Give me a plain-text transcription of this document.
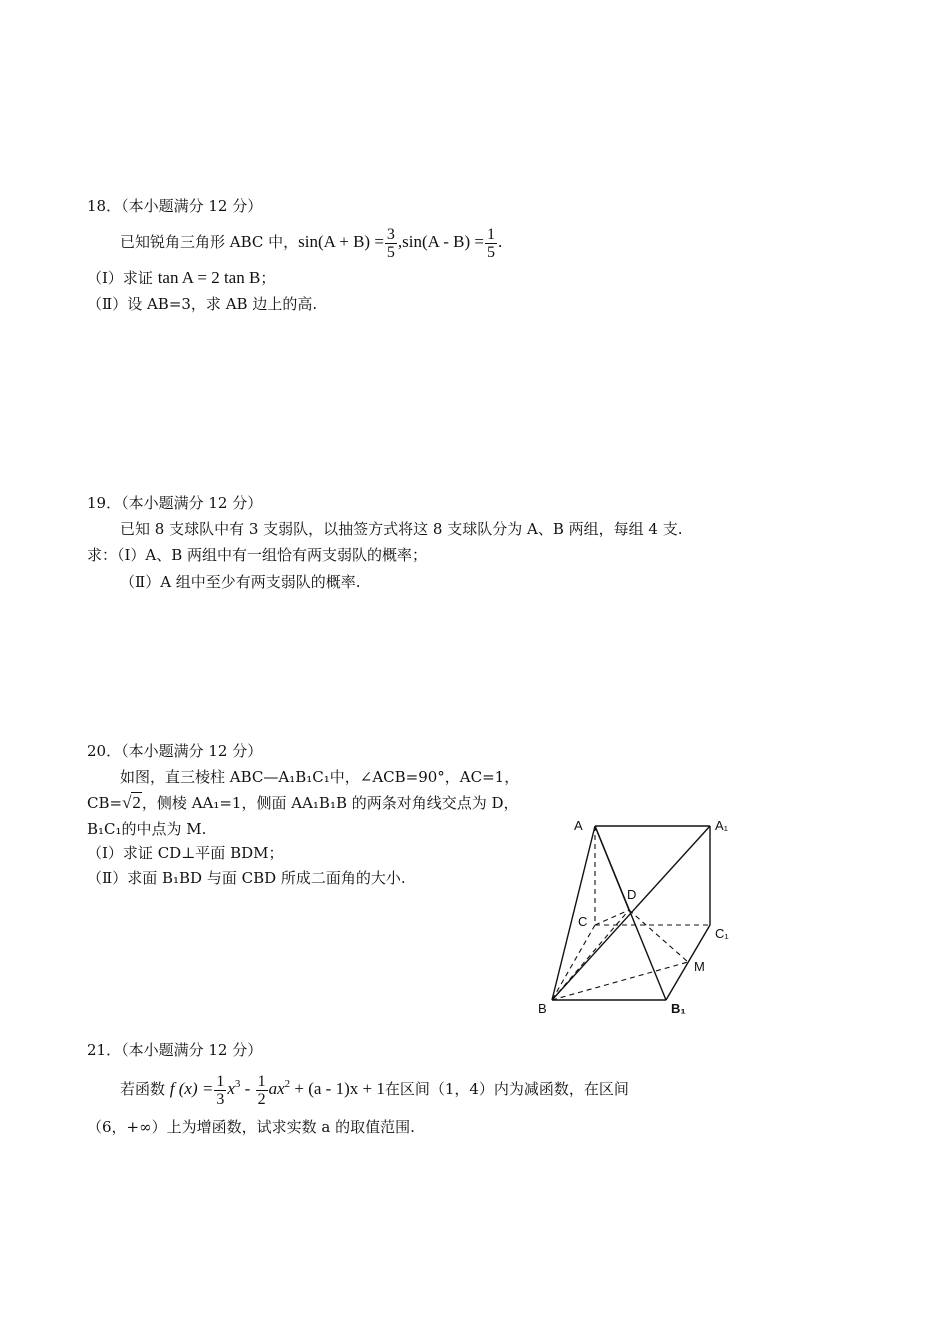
18．（本小题满分 12 分）
已知锐角三角形 ABC 中，$\sin(A + B) = \frac{3}{5} ,\sin(A - B) = \frac{1}{5}$ .
（Ⅰ）求证 tan A = 2 tan B；
（Ⅱ）设 AB=3，求 AB 边上的高.
19．（本小题满分 12 分）
已知 8 支球队中有 3 支弱队，以抽签方式将这 8 支球队分为 A、B 两组，每组 4 支.
求：（Ⅰ）A、B 两组中有一组恰有两支弱队的概率；
（Ⅱ）A 组中至少有两支弱队的概率.
20．（本小题满分 12 分）
如图，直三棱柱 ABC—A₁B₁C₁中，∠ACB=90°，AC=1，
CB=√2，侧棱 AA₁=1，侧面 AA₁B₁B 的两条对角线交点为 D，
B₁C₁的中点为 M.
（Ⅰ）求证 CD⊥平面 BDM；
（Ⅱ）求面 B₁BD 与面 CBD 所成二面角的大小.
A	A₁
C
C₁
D
M
B	B₁
21．（本小题满分 12 分）
若函数 f $(x) = \frac{1}{3} x^3 - \frac{1}{2} ax^2 + (a - 1)x + 1$在区间（1，4）内为减函数，在区间
（6，+∞）上为增函数，试求实数 a 的取值范围.
